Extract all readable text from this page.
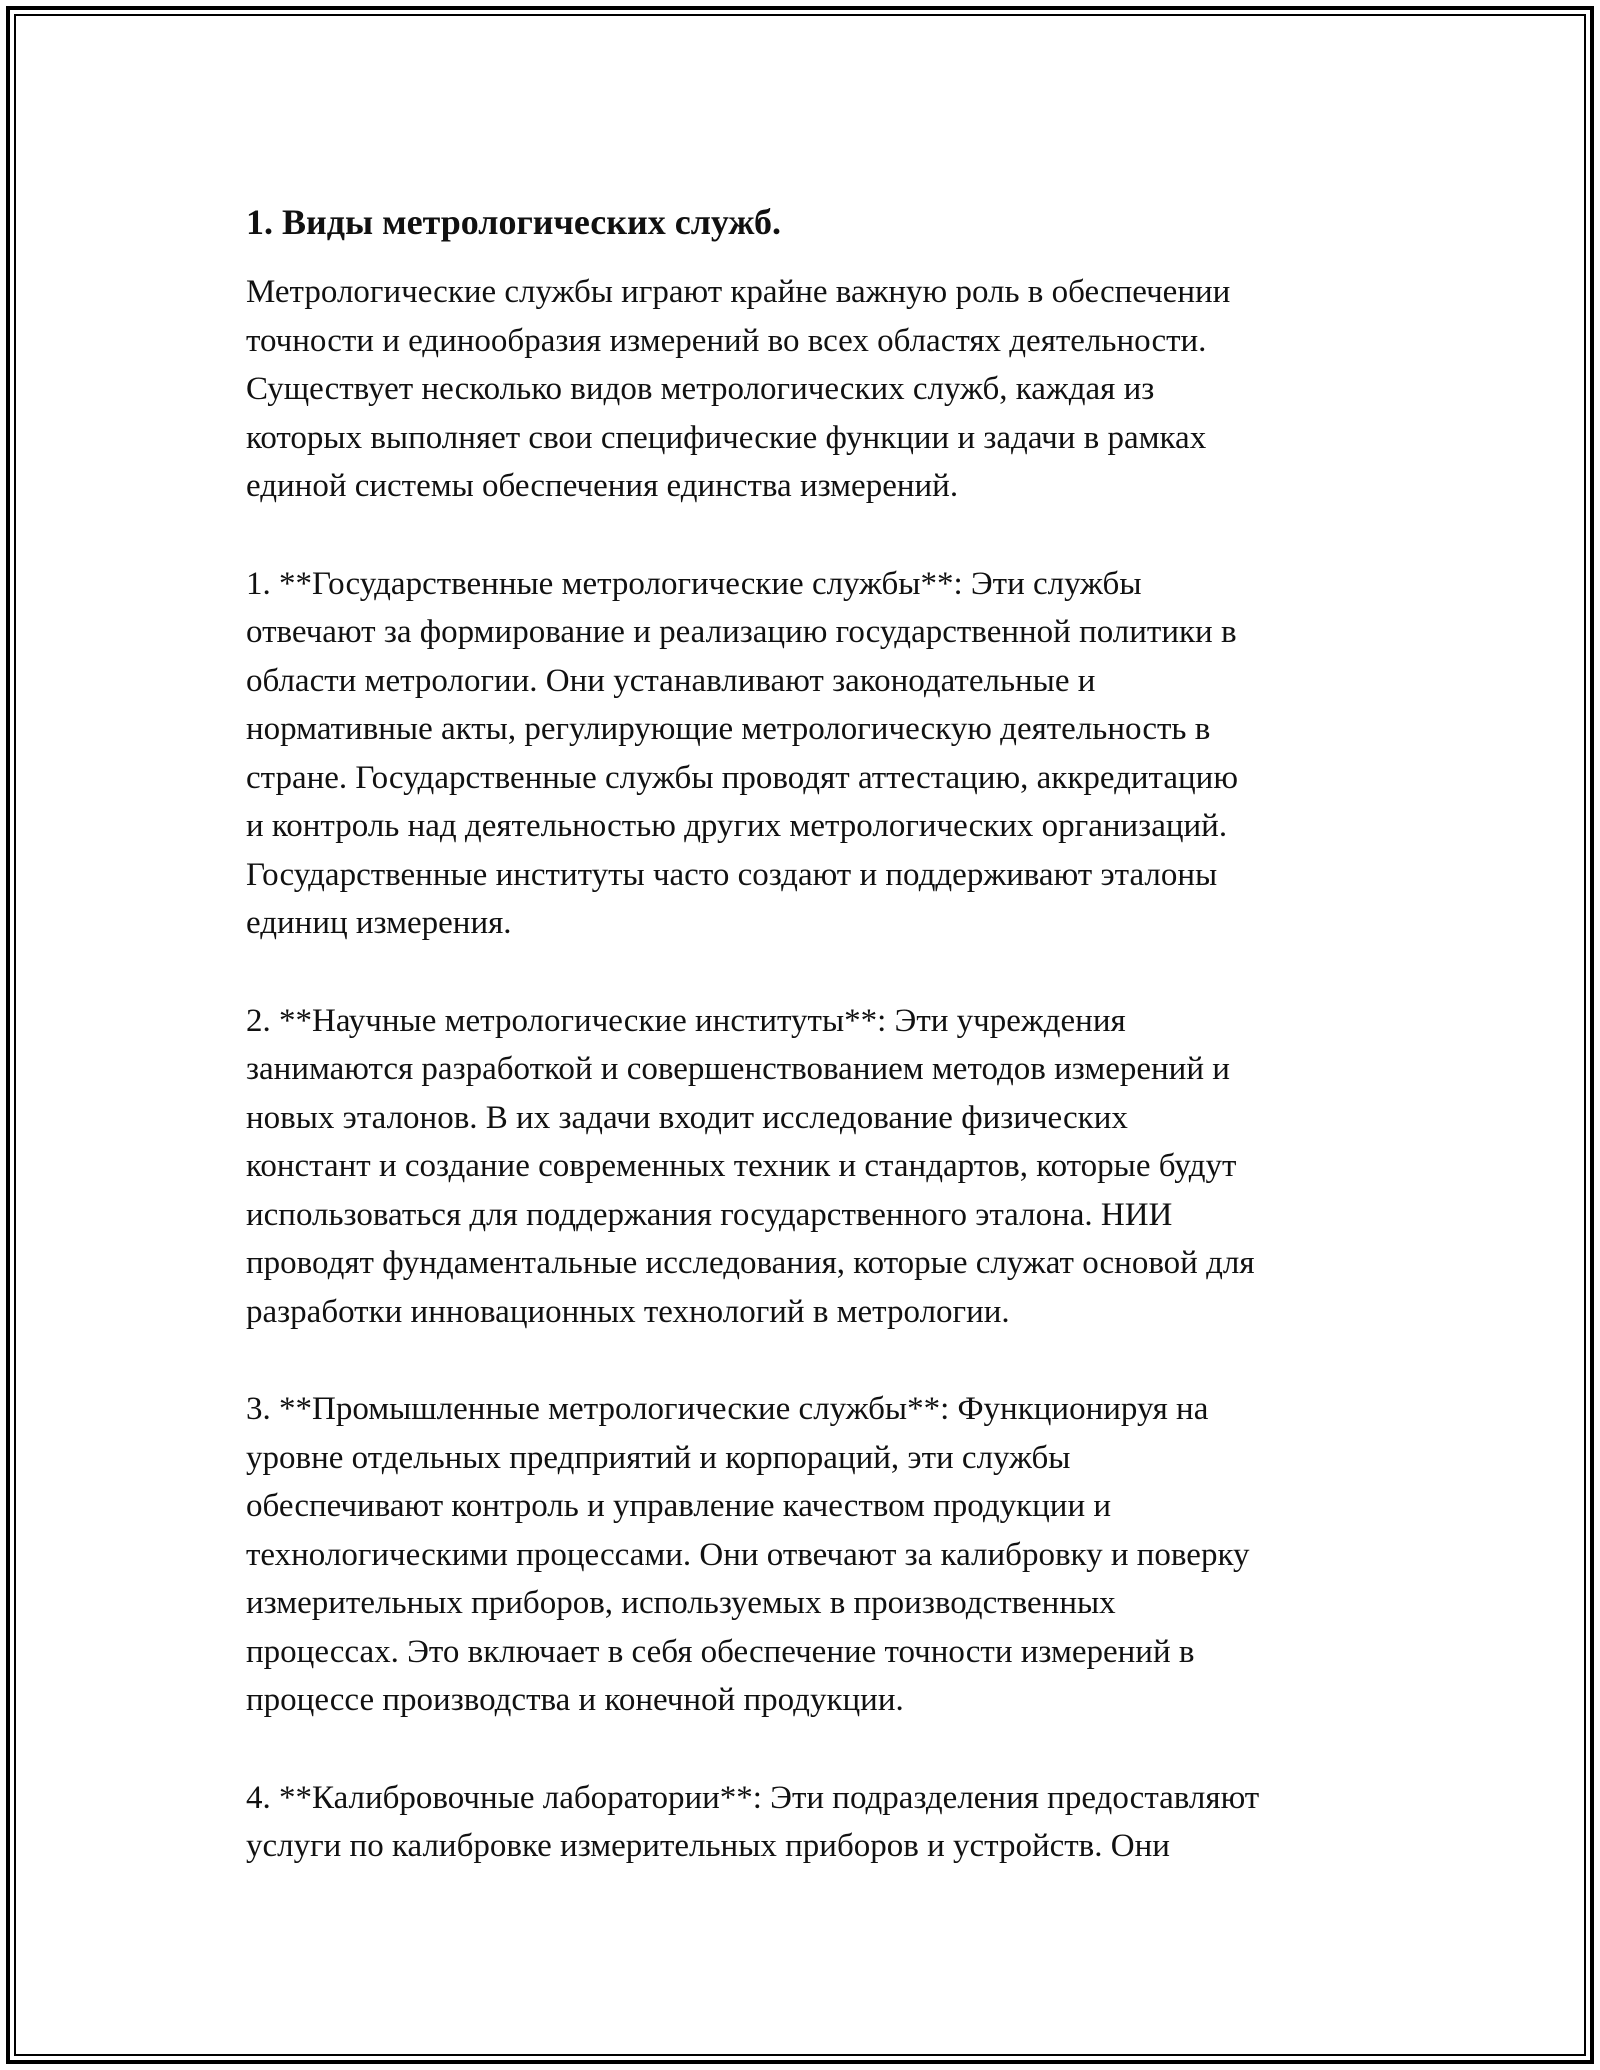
1. Виды метрологических служб.

Метрологические службы играют крайне важную роль в обеспечении
точности и единообразия измерений во всех областях деятельности.
Существует несколько видов метрологических служб, каждая из
которых выполняет свои специфические функции и задачи в рамках
единой системы обеспечения единства измерений.

1. **Государственные метрологические службы**: Эти службы
отвечают за формирование и реализацию государственной политики в
области метрологии. Они устанавливают законодательные и
нормативные акты, регулирующие метрологическую деятельность в
стране. Государственные службы проводят аттестацию, аккредитацию
и контроль над деятельностью других метрологических организаций.
Государственные институты часто создают и поддерживают эталоны
единиц измерения.

2. **Научные метрологические институты**: Эти учреждения
занимаются разработкой и совершенствованием методов измерений и
новых эталонов. В их задачи входит исследование физических
констант и создание современных техник и стандартов, которые будут
использоваться для поддержания государственного эталона. НИИ
проводят фундаментальные исследования, которые служат основой для
разработки инновационных технологий в метрологии.

3. **Промышленные метрологические службы**: Функционируя на
уровне отдельных предприятий и корпораций, эти службы
обеспечивают контроль и управление качеством продукции и
технологическими процессами. Они отвечают за калибровку и поверку
измерительных приборов, используемых в производственных
процессах. Это включает в себя обеспечение точности измерений в
процессе производства и конечной продукции.

4. **Калибровочные лаборатории**: Эти подразделения предоставляют
услуги по калибровке измерительных приборов и устройств. Они
